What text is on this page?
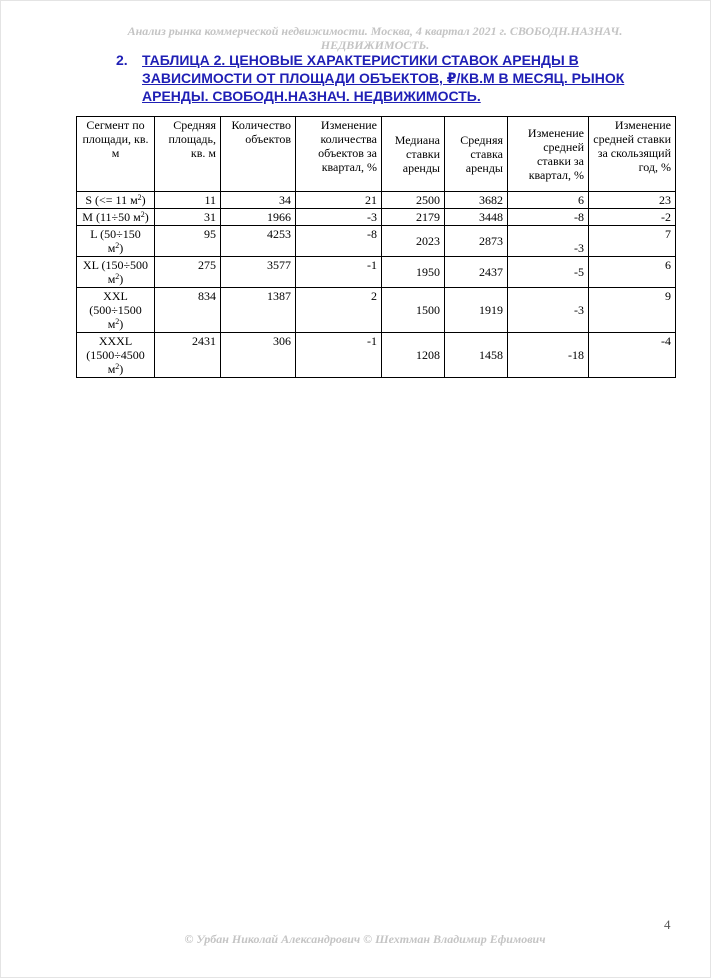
Анализ рынка коммерческой недвижимости. Москва, 4 квартал 2021 г. СВОБОДН.НАЗНАЧ.
НЕДВИЖИМОСТЬ.
2.	ТАБЛИЦА 2. ЦЕНОВЫЕ ХАРАКТЕРИСТИКИ СТАВОК АРЕНДЫ В ЗАВИСИМОСТИ ОТ ПЛОЩАДИ ОБЪЕКТОВ, ₽/КВ.М В МЕСЯЦ. РЫНОК АРЕНДЫ. СВОБОДН.НАЗНАЧ. НЕДВИЖИМОСТЬ.
Сегмент по площади, кв. м	Средняя площадь, кв. м	Количество объектов	Изменение количества объектов за квартал, %	Медиана ставки аренды	Средняя ставка аренды	Изменение средней ставки за квартал, %	Изменение средней ставки за скользящий год, %
S (<= 11 $м^2$)	11	34	21	2500	3682	6	23
M (11÷50 $м^2$)	31	1966	-3	2179	3448	-8	-2
L (50÷150 $м^2$)	95	4253	-8	2023	2873	-3	7
XL (150÷500 $м^2$)	275	3577	-1	1950	2437	-5	6
XXL (500÷1500 $м^2$)	834	1387	2	1500	1919	-3	9
XXXL (1500÷4500 $м^2$)	2431	306	-1	1208	1458	-18	-4
4
© Урбан Николай Александрович © Шехтман Владимир Ефимович
